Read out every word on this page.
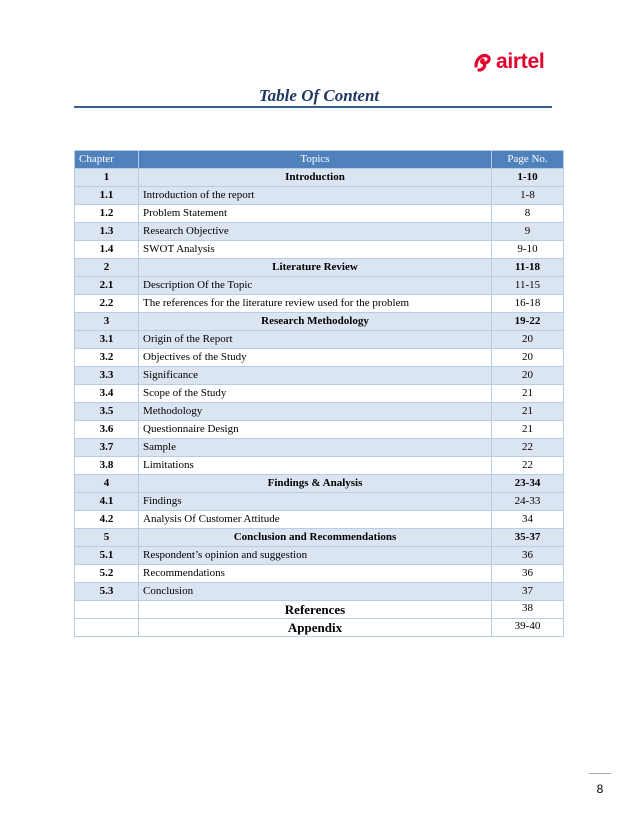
airtel
Table Of Content
Chapter	Topics	Page No.
1	Introduction	1-10
1.1	Introduction of the report	1-8
1.2	Problem Statement	8
1.3	Research Objective	9
1.4	SWOT Analysis	9-10
2	Literature Review	11-18
2.1	Description Of the Topic	11-15
2.2	The references for the literature review used for the problem	16-18
3	Research Methodology	19-22
3.1	Origin of the Report	20
3.2	Objectives of the Study	20
3.3	Significance	20
3.4	Scope of the Study	21
3.5	Methodology	21
3.6	Questionnaire Design	21
3.7	Sample	22
3.8	Limitations	22
4	Findings & Analysis	23-34
4.1	Findings	24-33
4.2	Analysis Of Customer Attitude	34
5	Conclusion and Recommendations	35-37
5.1	Respondent’s opinion and suggestion	36
5.2	Recommendations	36
5.3	Conclusion	37
	References	38
	Appendix	39-40
8
